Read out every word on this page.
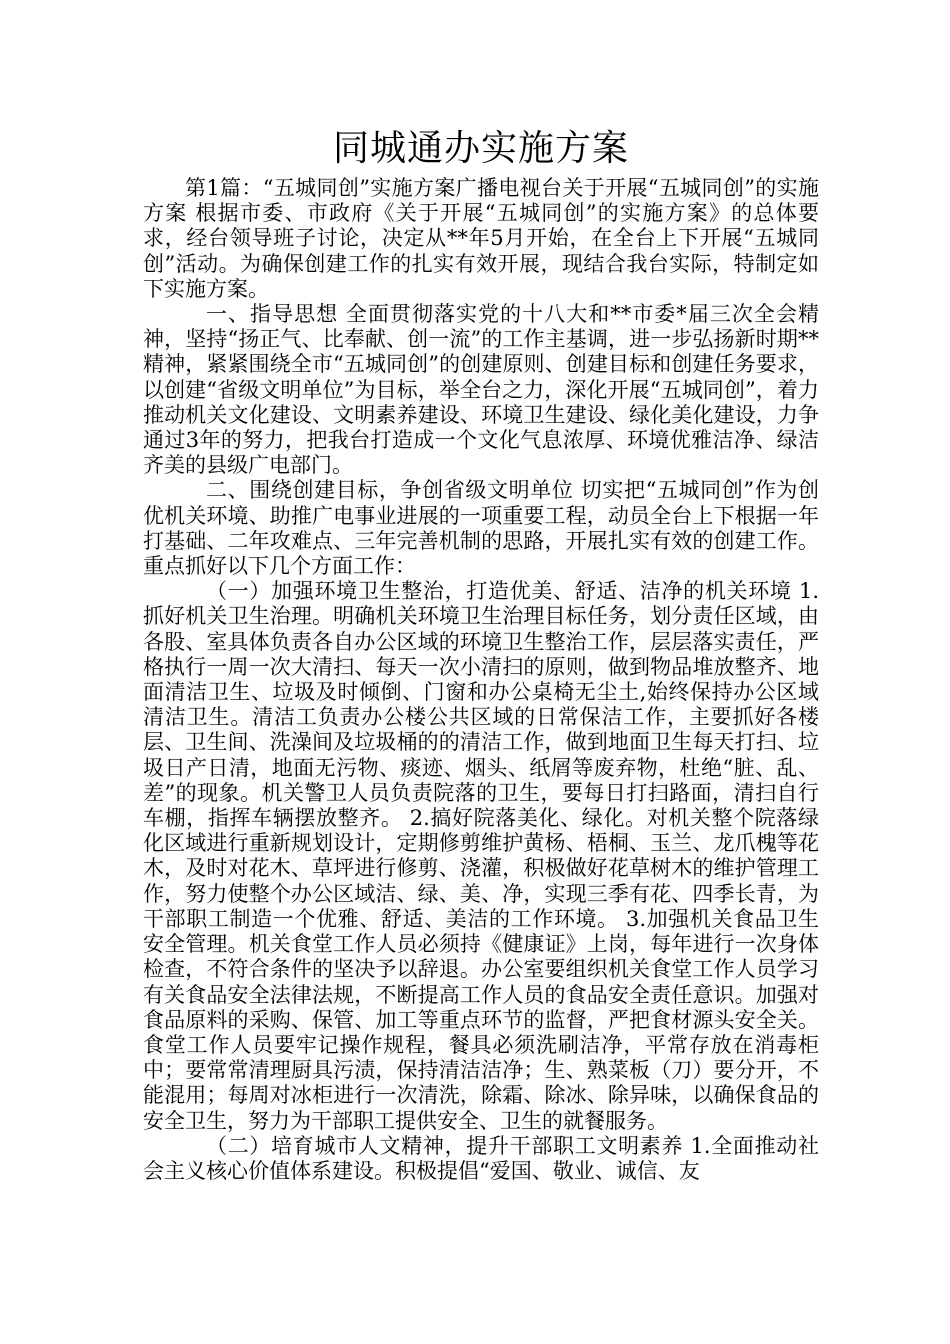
同城通办实施方案

第1篇：“五城同创”实施方案广播电视台关于开展“五城同创”的实施方案 根据市委、市政府《关于开展“五城同创”的实施方案》的总体要求，经台领导班子讨论，决定从**年5月开始，在全台上下开展“五城同创”活动。为确保创建工作的扎实有效开展，现结合我台实际，特制定如下实施方案。

一、指导思想 全面贯彻落实党的十八大和**市委*届三次全会精神，坚持“扬正气、比奉献、创一流”的工作主基调，进一步弘扬新时期**精神，紧紧围绕全市“五城同创”的创建原则、创建目标和创建任务要求，以创建“省级文明单位”为目标，举全台之力，深化开展“五城同创”，着力推动机关文化建设、文明素养建设、环境卫生建设、绿化美化建设，力争通过3年的努力，把我台打造成一个文化气息浓厚、环境优雅洁净、绿洁齐美的县级广电部门。

二、围绕创建目标，争创省级文明单位 切实把“五城同创”作为创优机关环境、助推广电事业进展的一项重要工程，动员全台上下根据一年打基础、二年攻难点、三年完善机制的思路，开展扎实有效的创建工作。重点抓好以下几个方面工作：

（一）加强环境卫生整治，打造优美、舒适、洁净的机关环境 1.抓好机关卫生治理。明确机关环境卫生治理目标任务，划分责任区域，由各股、室具体负责各自办公区域的环境卫生整治工作，层层落实责任，严格执行一周一次大清扫、每天一次小清扫的原则，做到物品堆放整齐、地面清洁卫生、垃圾及时倾倒、门窗和办公桌椅无尘土,始终保持办公区域清洁卫生。清洁工负责办公楼公共区域的日常保洁工作，主要抓好各楼层、卫生间、洗澡间及垃圾桶的的清洁工作，做到地面卫生每天打扫、垃圾日产日清，地面无污物、痰迹、烟头、纸屑等废弃物，杜绝“脏、乱、差”的现象。机关警卫人员负责院落的卫生，要每日打扫路面，清扫自行车棚，指挥车辆摆放整齐。 2.搞好院落美化、绿化。对机关整个院落绿化区域进行重新规划设计，定期修剪维护黄杨、梧桐、玉兰、龙爪槐等花木，及时对花木、草坪进行修剪、浇灌，积极做好花草树木的维护管理工作，努力使整个办公区域洁、绿、美、净，实现三季有花、四季长青，为干部职工制造一个优雅、舒适、美洁的工作环境。 3.加强机关食品卫生安全管理。机关食堂工作人员必须持《健康证》上岗，每年进行一次身体检查，不符合条件的坚决予以辞退。办公室要组织机关食堂工作人员学习有关食品安全法律法规，不断提高工作人员的食品安全责任意识。加强对食品原料的采购、保管、加工等重点环节的监督，严把食材源头安全关。食堂工作人员要牢记操作规程，餐具必须洗刷洁净，平常存放在消毒柜中；要常常清理厨具污渍，保持清洁洁净；生、熟菜板（刀）要分开，不能混用；每周对冰柜进行一次清洗，除霜、除冰、除异味，以确保食品的安全卫生，努力为干部职工提供安全、卫生的就餐服务。

（二）培育城市人文精神，提升干部职工文明素养 1.全面推动社会主义核心价值体系建设。积极提倡“爱国、敬业、诚信、友
